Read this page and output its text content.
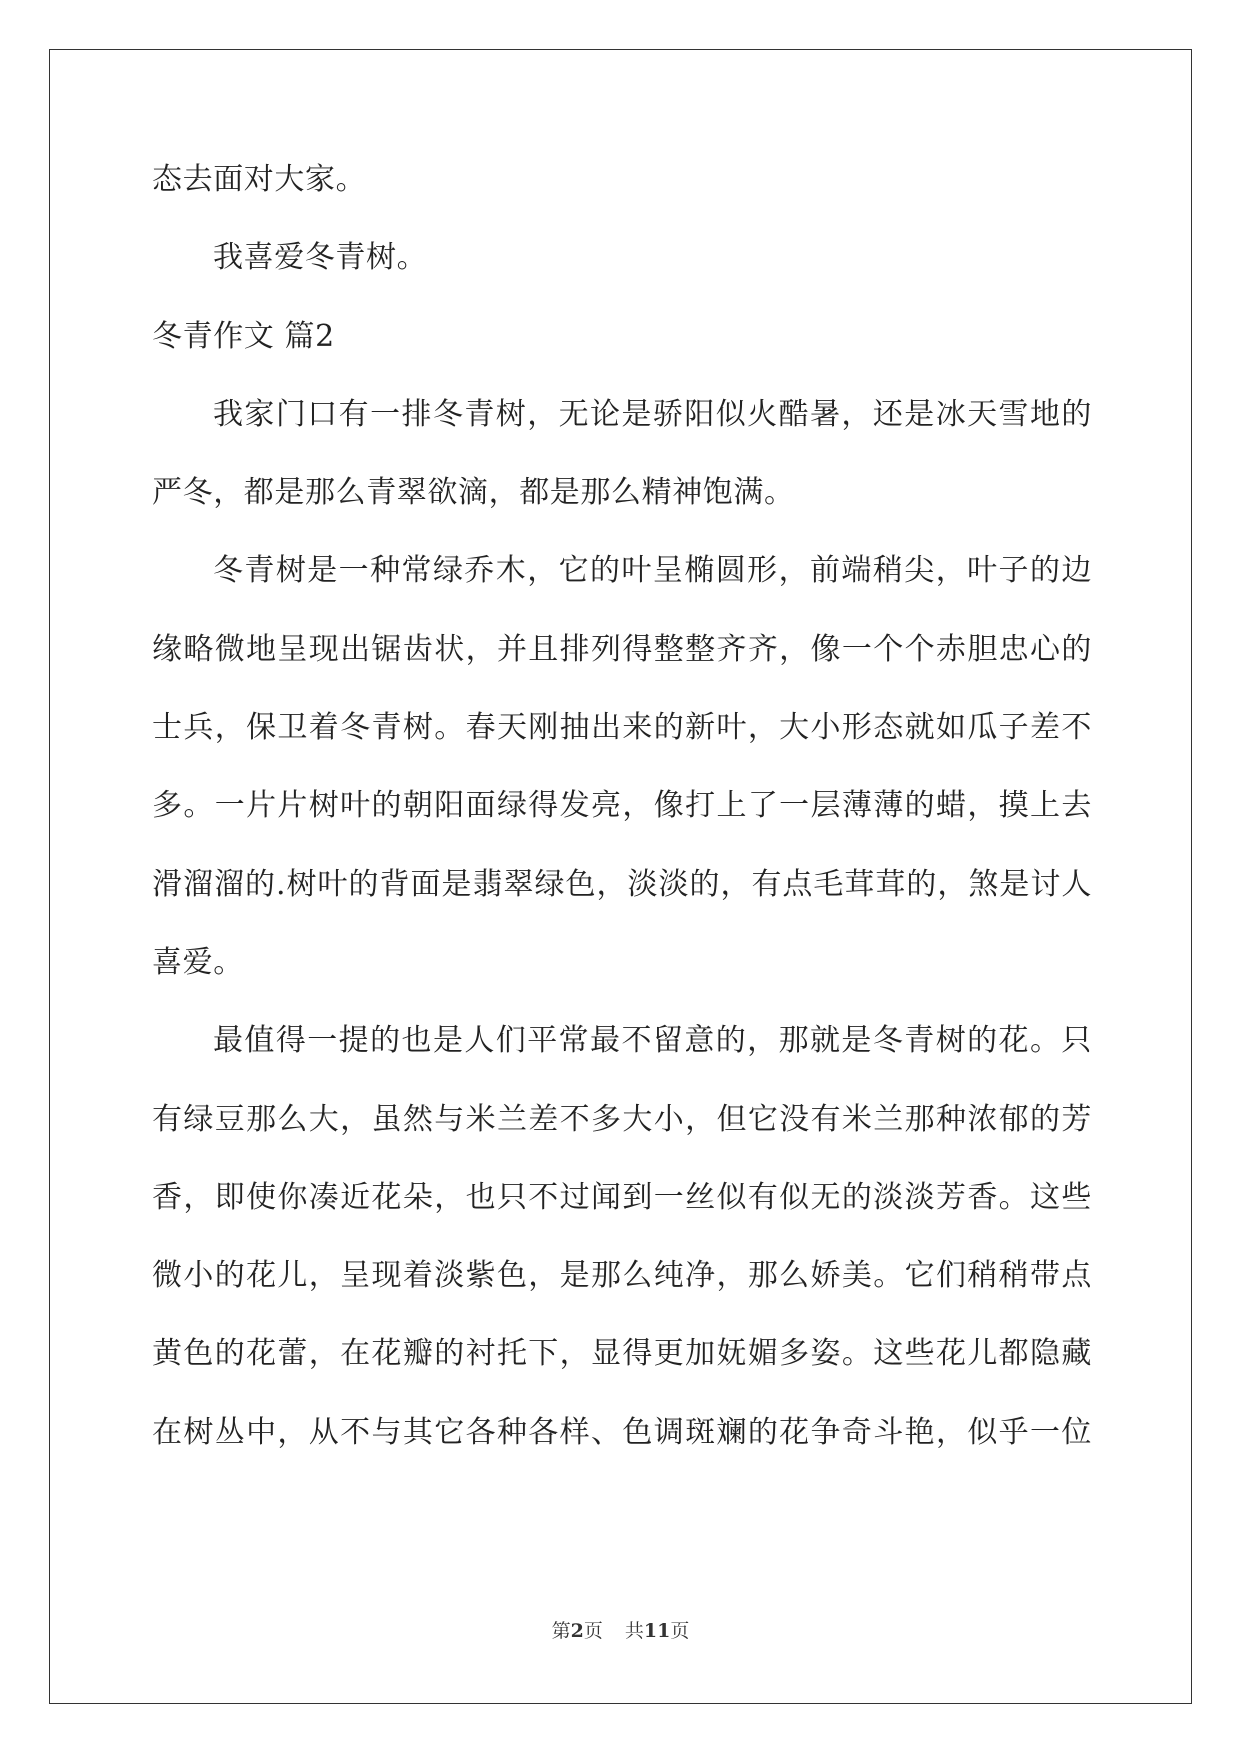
态去面对大家。
我喜爱冬青树。
冬青作文 篇2
我家门口有一排冬青树，无论是骄阳似火酷暑，还是冰天雪地的
严冬，都是那么青翠欲滴，都是那么精神饱满。
冬青树是一种常绿乔木，它的叶呈椭圆形，前端稍尖，叶子的边
缘略微地呈现出锯齿状，并且排列得整整齐齐，像一个个赤胆忠心的
士兵，保卫着冬青树。春天刚抽出来的新叶，大小形态就如瓜子差不
多。一片片树叶的朝阳面绿得发亮，像打上了一层薄薄的蜡，摸上去
滑溜溜的.树叶的背面是翡翠绿色，淡淡的，有点毛茸茸的，煞是讨人
喜爱。
最值得一提的也是人们平常最不留意的，那就是冬青树的花。只
有绿豆那么大，虽然与米兰差不多大小，但它没有米兰那种浓郁的芳
香，即使你凑近花朵，也只不过闻到一丝似有似无的淡淡芳香。这些
微小的花儿，呈现着淡紫色，是那么纯净，那么娇美。它们稍稍带点
黄色的花蕾，在花瓣的衬托下，显得更加妩媚多姿。这些花儿都隐藏
在树丛中，从不与其它各种各样、色调斑斓的花争奇斗艳，似乎一位
第2页 共11页
